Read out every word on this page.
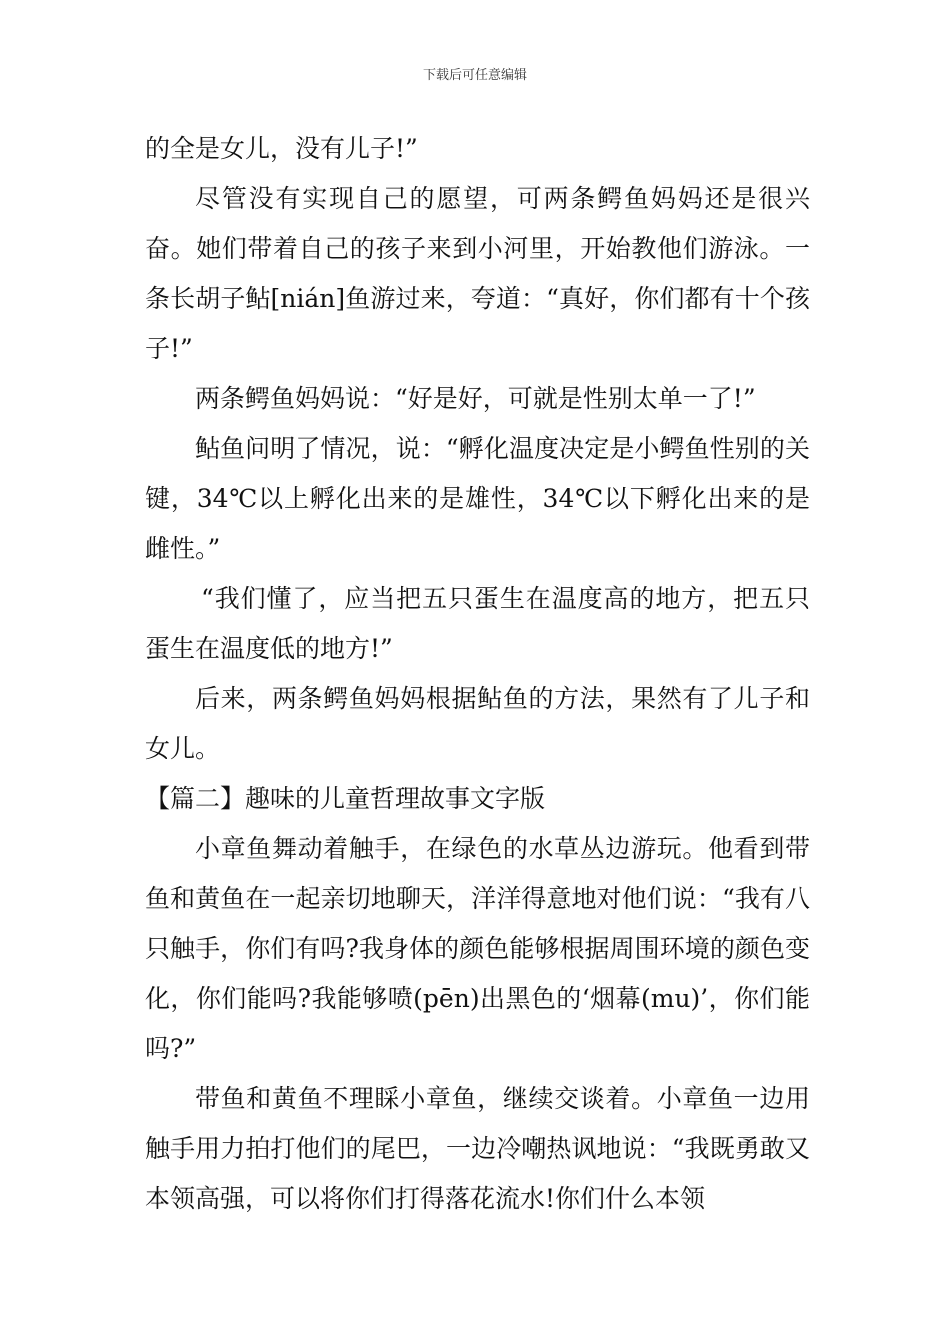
下载后可任意编辑

的全是女儿，没有儿子!”

尽管没有实现自己的愿望，可两条鳄鱼妈妈还是很兴奋。她们带着自己的孩子来到小河里，开始教他们游泳。一条长胡子鲇[nián]鱼游过来，夸道：“真好，你们都有十个孩子!”

两条鳄鱼妈妈说：“好是好，可就是性别太单一了!”

鲇鱼问明了情况，说：“孵化温度决定是小鳄鱼性别的关键，34℃以上孵化出来的是雄性，34℃以下孵化出来的是雌性。”

“我们懂了，应当把五只蛋生在温度高的地方，把五只蛋生在温度低的地方!”

后来，两条鳄鱼妈妈根据鲇鱼的方法，果然有了儿子和女儿。

【篇二】趣味的儿童哲理故事文字版

小章鱼舞动着触手，在绿色的水草丛边游玩。他看到带鱼和黄鱼在一起亲切地聊天，洋洋得意地对他们说：“我有八只触手，你们有吗?我身体的颜色能够根据周围环境的颜色变化，你们能吗?我能够喷(pēn)出黑色的‘烟幕(mu)’，你们能吗?”

带鱼和黄鱼不理睬小章鱼，继续交谈着。小章鱼一边用触手用力拍打他们的尾巴，一边冷嘲热讽地说：“我既勇敢又本领高强，可以将你们打得落花流水!你们什么本领
